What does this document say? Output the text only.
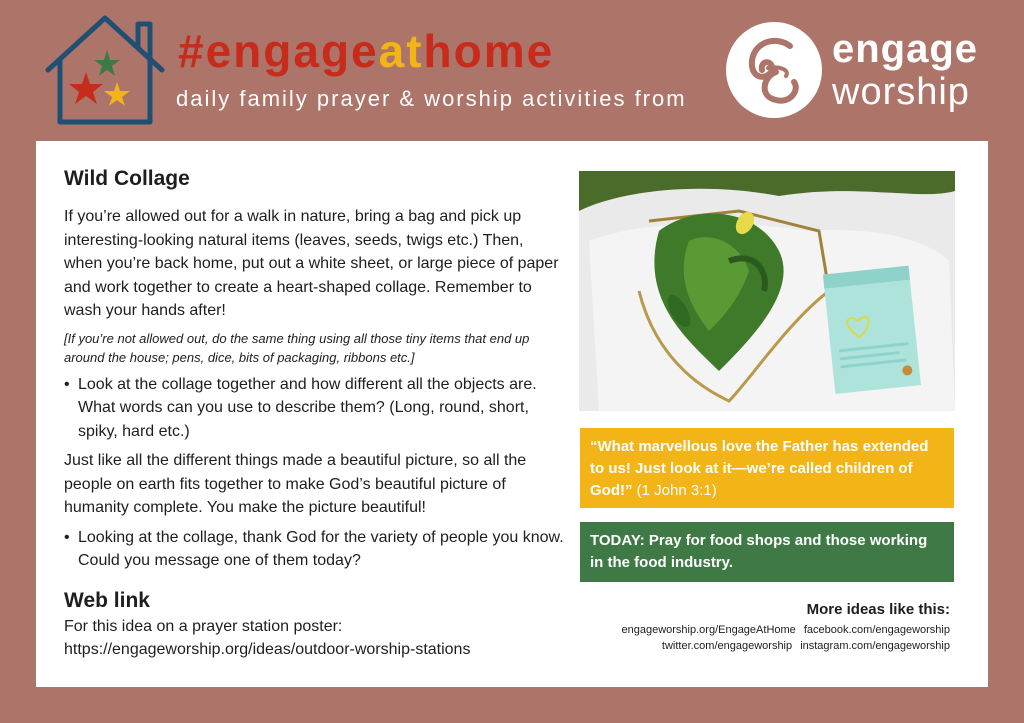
#engageathome
daily family prayer & worship activities from
engage
worship
Wild Collage

If you’re allowed out for a walk in nature, bring a bag and pick up interesting-looking natural items (leaves, seeds, twigs etc.) Then, when you’re back home, put out a white sheet, or large piece of paper and work together to create a heart-shaped collage. Remember to wash your hands after!

[If you’re not allowed out, do the same thing using all those tiny items that end up around the house; pens, dice, bits of packaging, ribbons etc.]

• Look at the collage together and how different all the objects are. What words can you use to describe them? (Long, round, short, spiky, hard etc.)

Just like all the different things made a beautiful picture, so all the people on earth fits together to make God’s beautiful picture of humanity complete. You make the picture beautiful!

• Looking at the collage, thank God for the variety of people you know. Could you message one of them today?
Web link

For this idea on a prayer station poster:
https://engageworship.org/ideas/outdoor-worship-stations

“What marvellous love the Father has extended to us! Just look at it—we’re called children of God!” (1 John 3:1)
TODAY: Pray for food shops and those working in the food industry.
More ideas like this:
engageworship.org/EngageAtHome facebook.com/engageworship
twitter.com/engageworship instagram.com/engageworship
